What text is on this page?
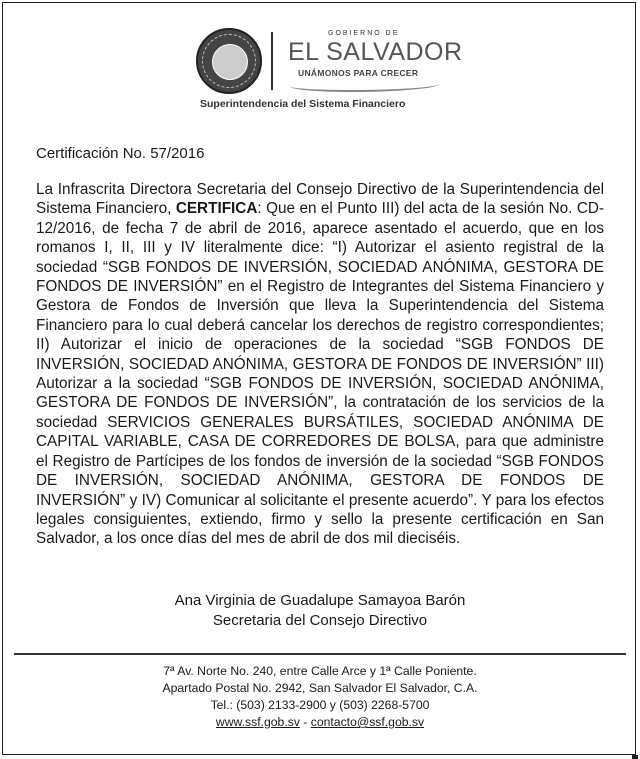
GOBIERNO DE
EL SALVADOR
UNÁMONOS PARA CRECER
Superintendencia del Sistema Financiero
Certificación No. 57/2016
La Infrascrita Directora Secretaria del Consejo Directivo de la Superintendencia del Sistema Financiero, CERTIFICA: Que en el Punto III) del acta de la sesión No. CD-12/2016, de fecha 7 de abril de 2016, aparece asentado el acuerdo, que en los romanos I, II, III y IV literalmente dice: “I) Autorizar el asiento registral de la sociedad “SGB FONDOS DE INVERSIÓN, SOCIEDAD ANÓNIMA, GESTORA DE FONDOS DE INVERSIÓN” en el Registro de Integrantes del Sistema Financiero y Gestora de Fondos de Inversión que lleva la Superintendencia del Sistema Financiero para lo cual deberá cancelar los derechos de registro correspondientes; II) Autorizar el inicio de operaciones de la sociedad “SGB FONDOS DE INVERSIÓN, SOCIEDAD ANÓNIMA, GESTORA DE FONDOS DE INVERSIÓN” III) Autorizar a la sociedad “SGB FONDOS DE INVERSIÓN, SOCIEDAD ANÓNIMA, GESTORA DE FONDOS DE INVERSIÓN”, la contratación de los servicios de la sociedad SERVICIOS GENERALES BURSÁTILES, SOCIEDAD ANÓNIMA DE CAPITAL VARIABLE, CASA DE CORREDORES DE BOLSA, para que administre el Registro de Partícipes de los fondos de inversión de la sociedad “SGB FONDOS DE INVERSIÓN, SOCIEDAD ANÓNIMA, GESTORA DE FONDOS DE INVERSIÓN” y IV) Comunicar al solicitante el presente acuerdo”. Y para los efectos legales consiguientes, extiendo, firmo y sello la presente certificación en San Salvador, a los once días del mes de abril de dos mil dieciséis.
Ana Virginia de Guadalupe Samayoa Barón
Secretaria del Consejo Directivo
7ª Av. Norte No. 240, entre Calle Arce y 1ª Calle Poniente.
Apartado Postal No. 2942, San Salvador El Salvador, C.A.
Tel.: (503) 2133-2900 y (503) 2268-5700
www.ssf.gob.sv - contacto@ssf.gob.sv
